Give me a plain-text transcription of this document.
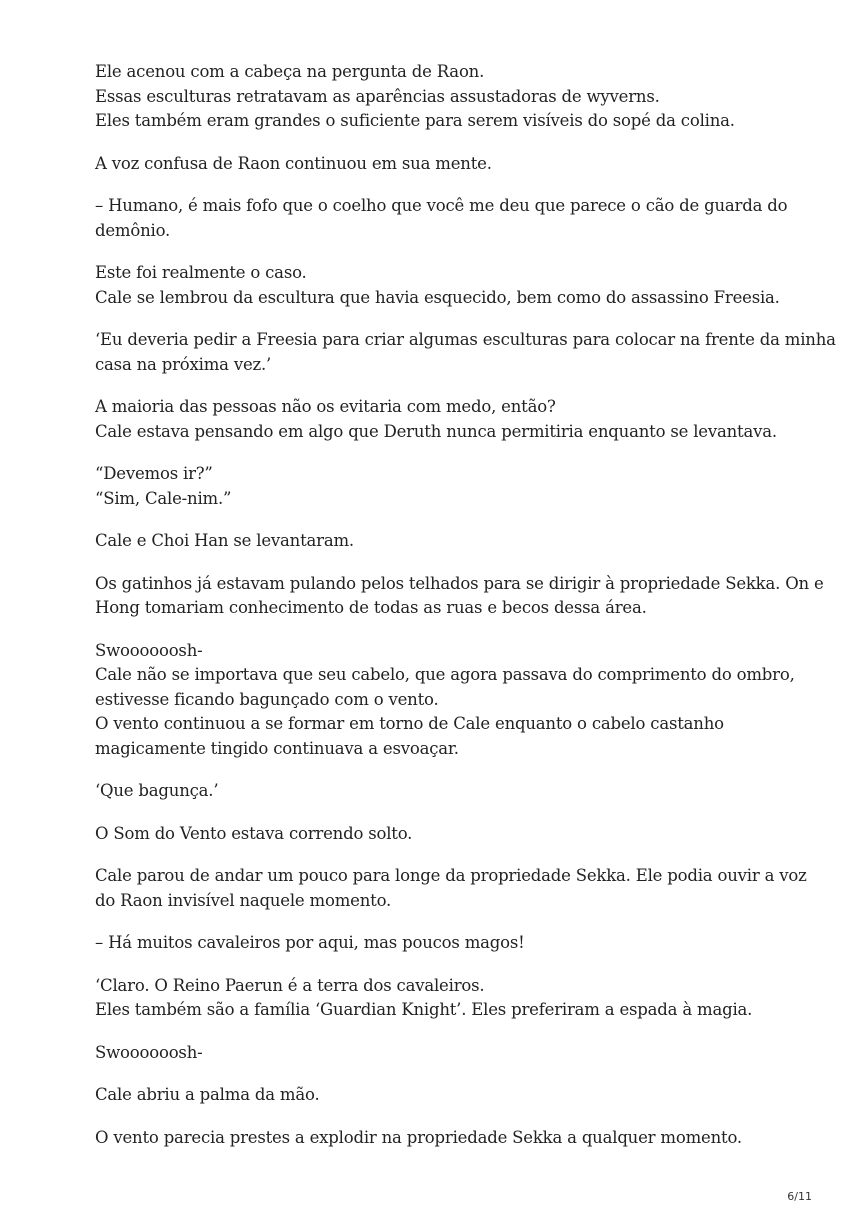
Ele acenou com a cabeça na pergunta de Raon.
Essas esculturas retratavam as aparências assustadoras de wyverns.
Eles também eram grandes o suficiente para serem visíveis do sopé da colina.

A voz confusa de Raon continuou em sua mente.

– Humano, é mais fofo que o coelho que você me deu que parece o cão de guarda do
demônio.

Este foi realmente o caso.
Cale se lembrou da escultura que havia esquecido, bem como do assassino Freesia.

‘Eu deveria pedir a Freesia para criar algumas esculturas para colocar na frente da minha
casa na próxima vez.’

A maioria das pessoas não os evitaria com medo, então?
Cale estava pensando em algo que Deruth nunca permitiria enquanto se levantava.

“Devemos ir?”
“Sim, Cale-nim.”

Cale e Choi Han se levantaram.

Os gatinhos já estavam pulando pelos telhados para se dirigir à propriedade Sekka. On e
Hong tomariam conhecimento de todas as ruas e becos dessa área.

Swoooooosh-
Cale não se importava que seu cabelo, que agora passava do comprimento do ombro,
estivesse ficando bagunçado com o vento.
O vento continuou a se formar em torno de Cale enquanto o cabelo castanho
magicamente tingido continuava a esvoaçar.

‘Que bagunça.’

O Som do Vento estava correndo solto.

Cale parou de andar um pouco para longe da propriedade Sekka. Ele podia ouvir a voz
do Raon invisível naquele momento.

– Há muitos cavaleiros por aqui, mas poucos magos!

‘Claro. O Reino Paerun é a terra dos cavaleiros.
Eles também são a família ‘Guardian Knight’. Eles preferiram a espada à magia.

Swoooooosh-

Cale abriu a palma da mão.

O vento parecia prestes a explodir na propriedade Sekka a qualquer momento.

6/11
